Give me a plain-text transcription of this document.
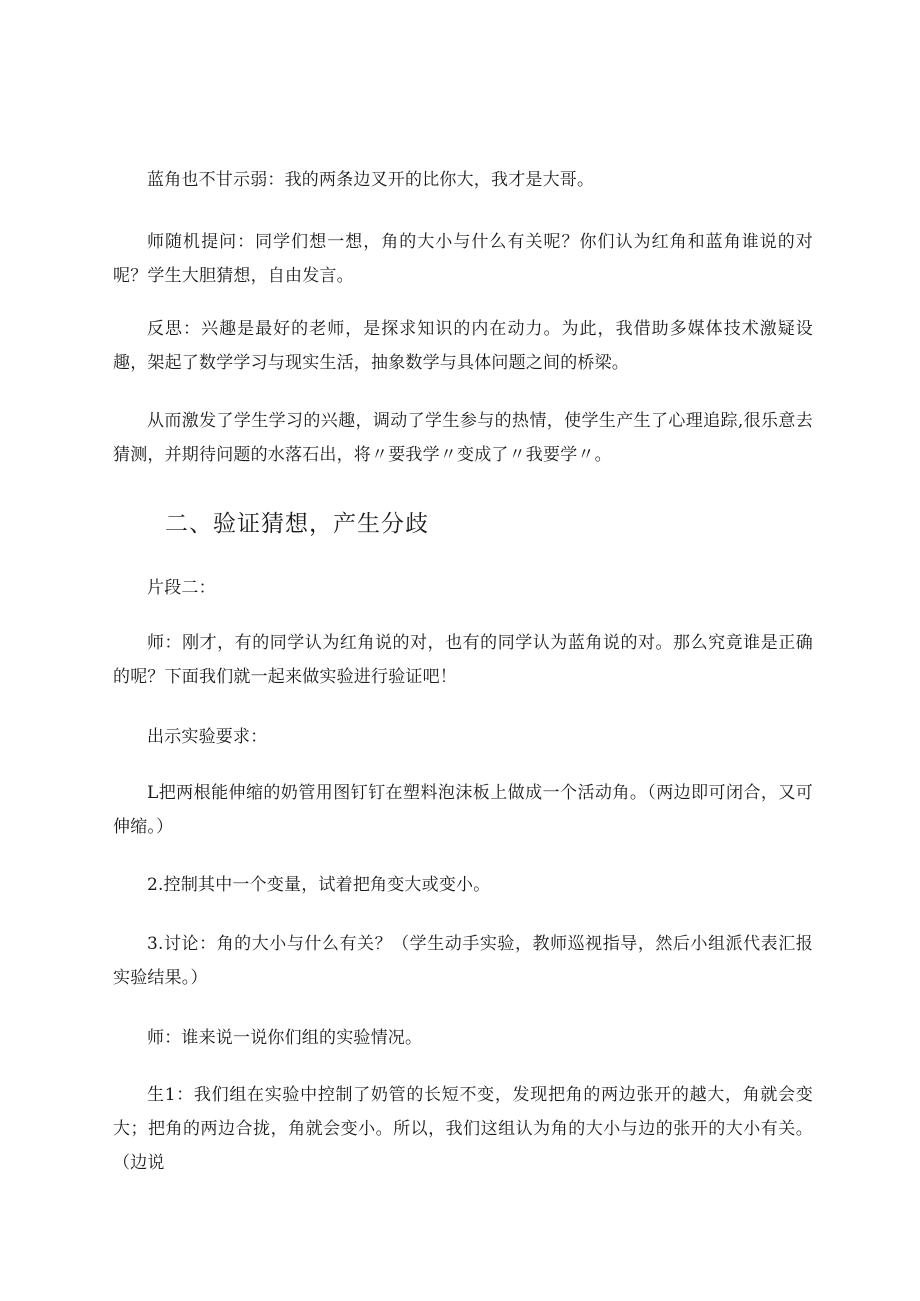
蓝角也不甘示弱：我的两条边叉开的比你大，我才是大哥。

师随机提问：同学们想一想，角的大小与什么有关呢？你们认为红角和蓝角谁说的对呢？学生大胆猜想，自由发言。

反思：兴趣是最好的老师，是探求知识的内在动力。为此，我借助多媒体技术激疑设趣，架起了数学学习与现实生活，抽象数学与具体问题之间的桥梁。

从而激发了学生学习的兴趣，调动了学生参与的热情，使学生产生了心理追踪,很乐意去猜测，并期待问题的水落石出，将〃要我学〃变成了〃我要学〃。

二、验证猜想，产生分歧

片段二：

师：刚才，有的同学认为红角说的对，也有的同学认为蓝角说的对。那么究竟谁是正确的呢？下面我们就一起来做实验进行验证吧！

出示实验要求：

L把两根能伸缩的奶管用图钉钉在塑料泡沫板上做成一个活动角。（两边即可闭合，又可伸缩。）

2.控制其中一个变量，试着把角变大或变小。

3.讨论：角的大小与什么有关？（学生动手实验，教师巡视指导，然后小组派代表汇报实验结果。）

师：谁来说一说你们组的实验情况。

生1：我们组在实验中控制了奶管的长短不变，发现把角的两边张开的越大，角就会变大；把角的两边合拢，角就会变小。所以，我们这组认为角的大小与边的张开的大小有关。（边说
